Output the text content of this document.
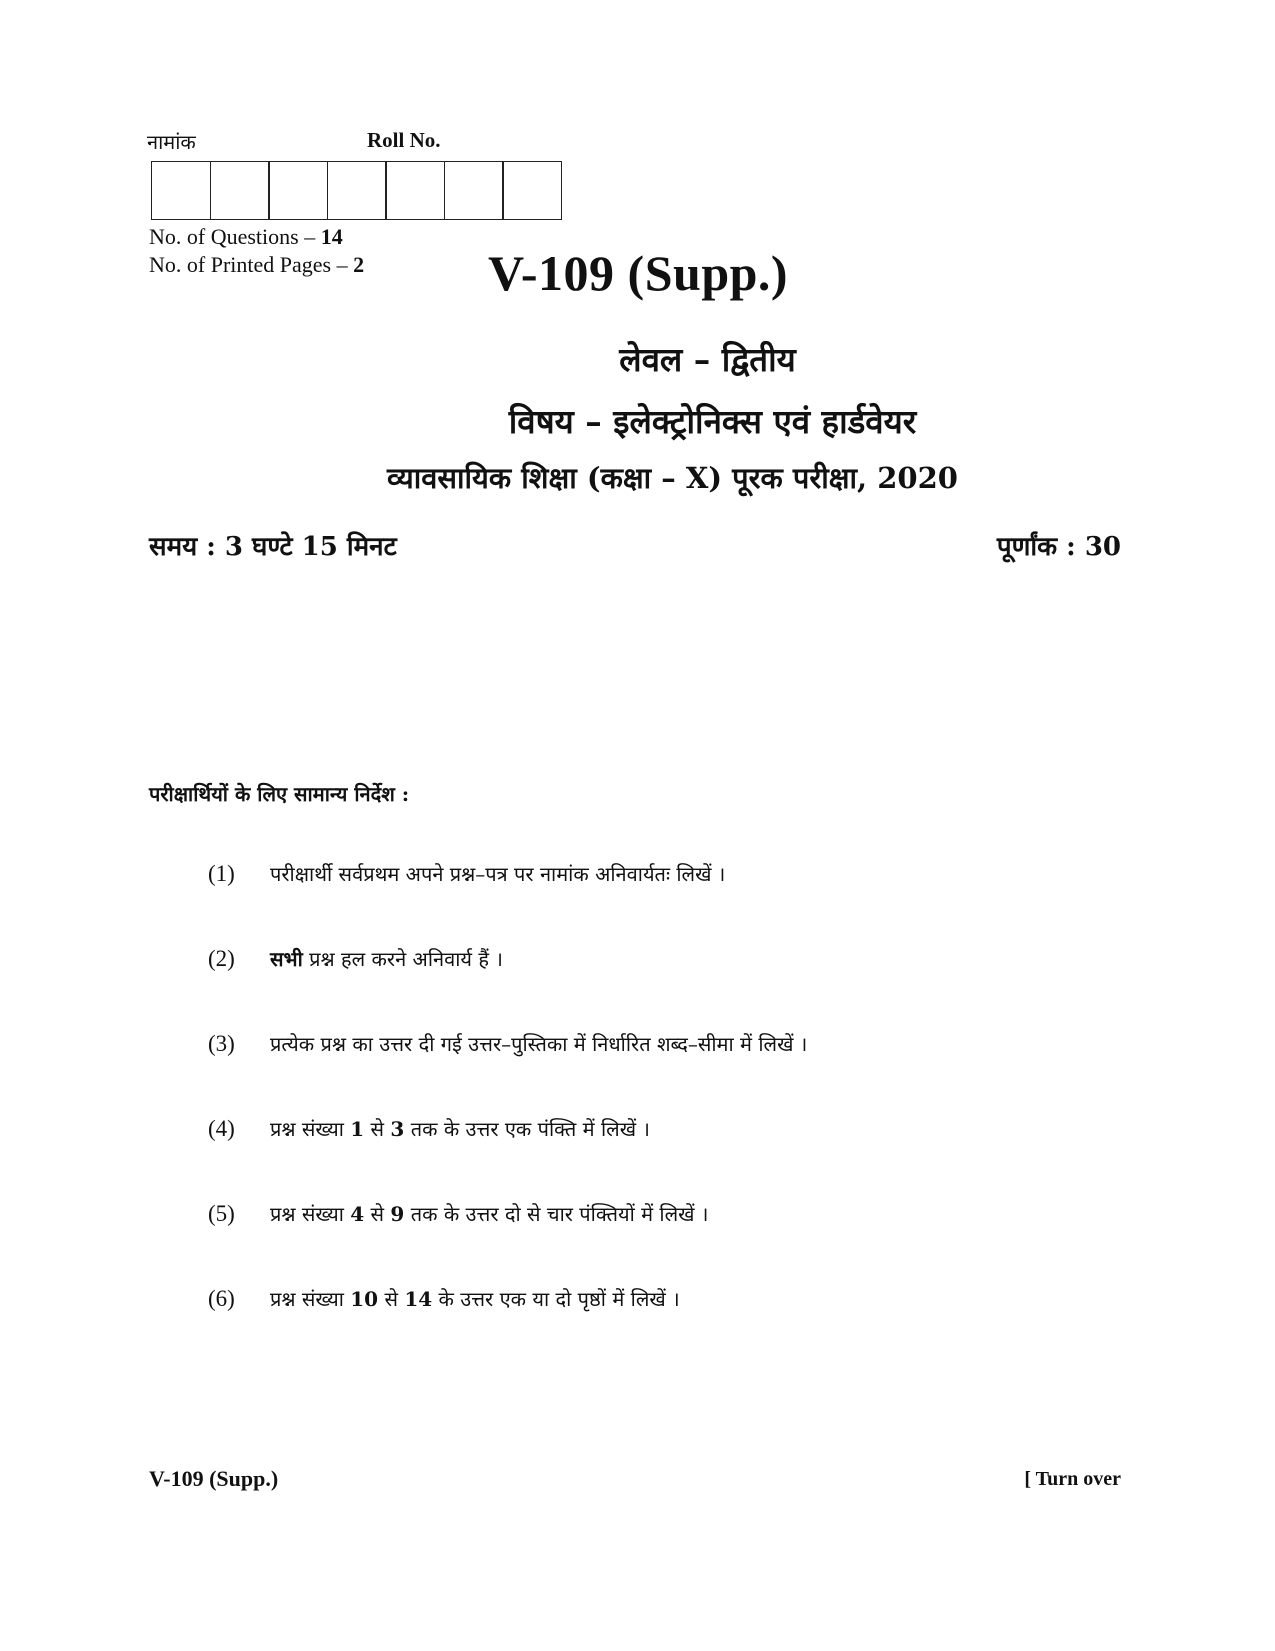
नामांक	Roll No.
No. of Questions – 14
No. of Printed Pages – 2 V-109 (Supp.)
लेवल – द्वितीय
विषय – इलेक्ट्रोनिक्स एवं हार्डवेयर
व्यावसायिक शिक्षा (कक्षा – X) पूरक परीक्षा, 2020
समय : 3 घण्टे 15 मिनट	पूर्णांक : 30
परीक्षार्थियों के लिए सामान्य निर्देश :
(1) परीक्षार्थी सर्वप्रथम अपने प्रश्न–पत्र पर नामांक अनिवार्यतः लिखें ।
(2) सभी प्रश्न हल करने अनिवार्य हैं ।
(3) प्रत्येक प्रश्न का उत्तर दी गई उत्तर–पुस्तिका में निर्धारित शब्द–सीमा में लिखें ।
(4) प्रश्न संख्या 1 से 3 तक के उत्तर एक पंक्ति में लिखें ।
(5) प्रश्न संख्या 4 से 9 तक के उत्तर दो से चार पंक्तियों में लिखें ।
(6) प्रश्न संख्या 10 से 14 के उत्तर एक या दो पृष्ठों में लिखें ।
V-109 (Supp.)	[ Turn over
